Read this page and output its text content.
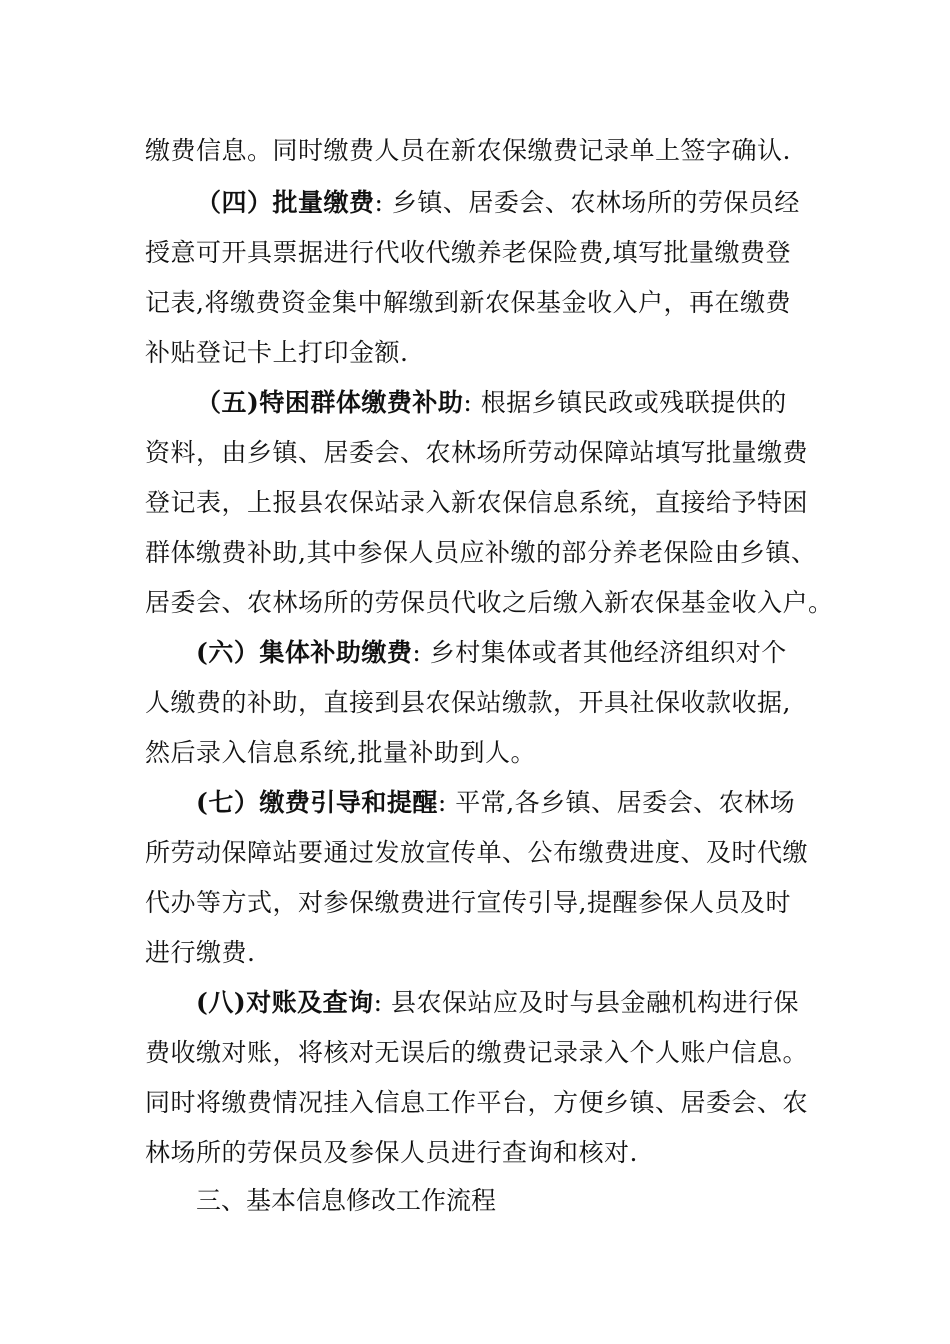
缴费信息。同时缴费人员在新农保缴费记录单上签字确认.
（四）批量缴费: 乡镇、居委会、农林场所的劳保员经
授意可开具票据进行代收代缴养老保险费,填写批量缴费登
记表,将缴费资金集中解缴到新农保基金收入户，再在缴费
补贴登记卡上打印金额.
（五)特困群体缴费补助: 根据乡镇民政或残联提供的
资料，由乡镇、居委会、农林场所劳动保障站填写批量缴费
登记表，上报县农保站录入新农保信息系统，直接给予特困
群体缴费补助,其中参保人员应补缴的部分养老保险由乡镇、
居委会、农林场所的劳保员代收之后缴入新农保基金收入户。
(六）集体补助缴费: 乡村集体或者其他经济组织对个
人缴费的补助，直接到县农保站缴款，开具社保收款收据,
然后录入信息系统,批量补助到人。
(七）缴费引导和提醒: 平常,各乡镇、居委会、农林场
所劳动保障站要通过发放宣传单、公布缴费进度、及时代缴
代办等方式，对参保缴费进行宣传引导,提醒参保人员及时
进行缴费.
(八)对账及查询: 县农保站应及时与县金融机构进行保
费收缴对账，将核对无误后的缴费记录录入个人账户信息。
同时将缴费情况挂入信息工作平台，方便乡镇、居委会、农
林场所的劳保员及参保人员进行查询和核对.
三、基本信息修改工作流程
